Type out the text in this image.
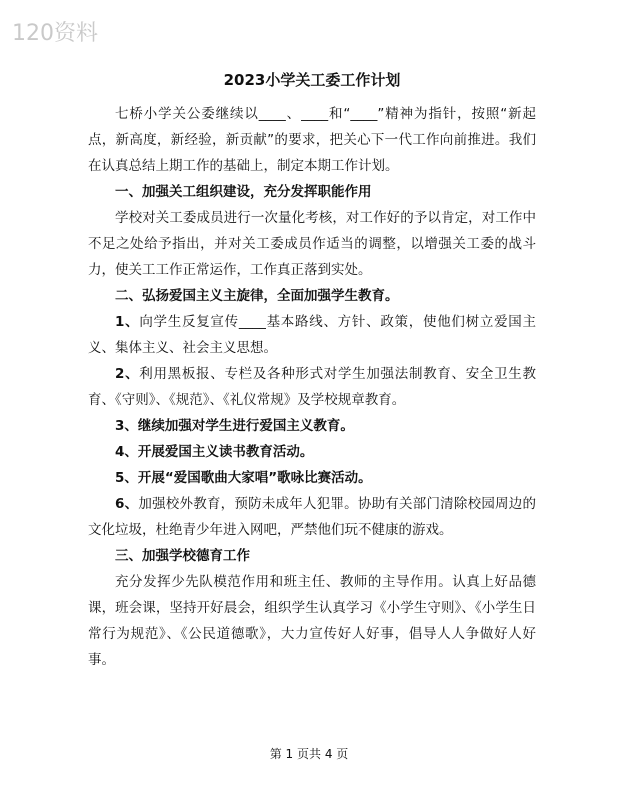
120资料
2023小学关工委工作计划

七桥小学关公委继续以____、____和“____”精神为指针，按照“新起点，新高度，新经验，新贡献”的要求，把关心下一代工作向前推进。我们在认真总结上期工作的基础上，制定本期工作计划。

一、加强关工组织建设，充分发挥职能作用

学校对关工委成员进行一次量化考核，对工作好的予以肯定，对工作中不足之处给予指出，并对关工委成员作适当的调整，以增强关工委的战斗力，使关工工作正常运作，工作真正落到实处。

二、弘扬爱国主义主旋律，全面加强学生教育。

1、向学生反复宣传____基本路线、方针、政策，使他们树立爱国主义、集体主义、社会主义思想。

2、利用黑板报、专栏及各种形式对学生加强法制教育、安全卫生教育、《守则》、《规范》、《礼仪常规》及学校规章教育。

3、继续加强对学生进行爱国主义教育。

4、开展爱国主义读书教育活动。

5、开展“爱国歌曲大家唱”歌咏比赛活动。

6、加强校外教育，预防未成年人犯罪。协助有关部门清除校园周边的文化垃圾，杜绝青少年进入网吧，严禁他们玩不健康的游戏。

三、加强学校德育工作

充分发挥少先队模范作用和班主任、教师的主导作用。认真上好品德课，班会课，坚持开好晨会，组织学生认真学习《小学生守则》、《小学生日常行为规范》、《公民道德歌》，大力宣传好人好事，倡导人人争做好人好事。

第 1 页共 4 页
